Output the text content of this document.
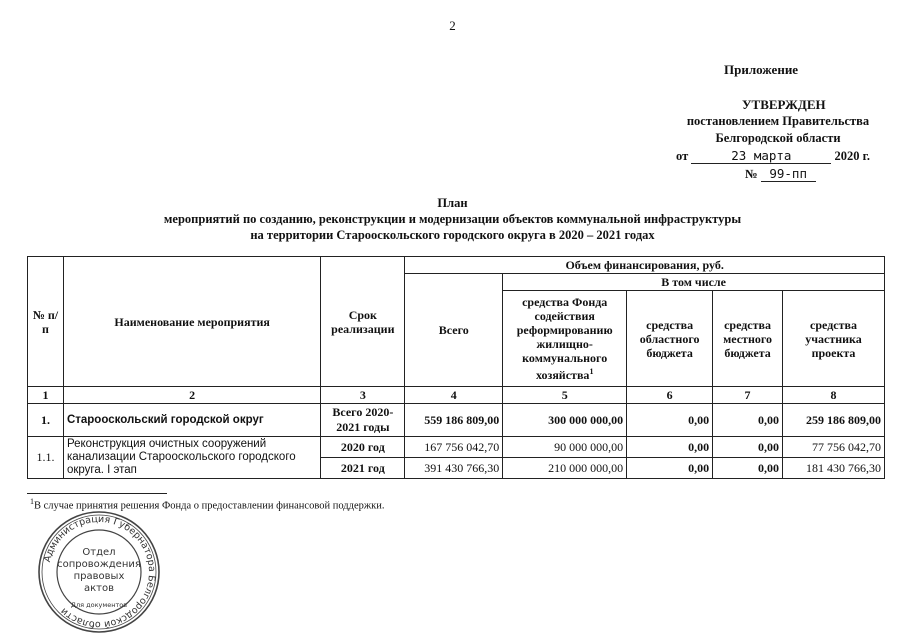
2
Приложение
УТВЕРЖДЕН
постановлением Правительства
Белгородской области
от	23 марта	2020 г.
№ 99-пп
План
мероприятий по созданию, реконструкции и модернизации объектов коммунальной инфраструктуры
на территории Старооскольского городского округа в 2020 – 2021 годах
№ п/п	Наименование мероприятия	Срок реализации	Объем финансирования, руб.				
			Всего	В том числе			
				средства Фонда содействия реформированию жилищно-коммунального хозяйства$^1$	средства областного бюджета	средства местного бюджета	средства участника проекта
1	2	3	4	5	6	7	8
1.	Старооскольский городской округ	Всего 2020-2021 годы	559 186 809,00	300 000 000,00	0,00	0,00	259 186 809,00
1.1.	Реконструкция очистных сооружений канализации Старооскольского городского округа. I этап	2020 год	167 756 042,70	90 000 000,00	0,00	0,00	77 756 042,70
		2021 год	391 430 766,30	210 000 000,00	0,00	0,00	181 430 766,30
$^1$В случае принятия решения Фонда о предоставлении финансовой поддержки.
Администрация Губернатора Белгородской области
Отдел
сопровождения
правовых
актов
Для документов
